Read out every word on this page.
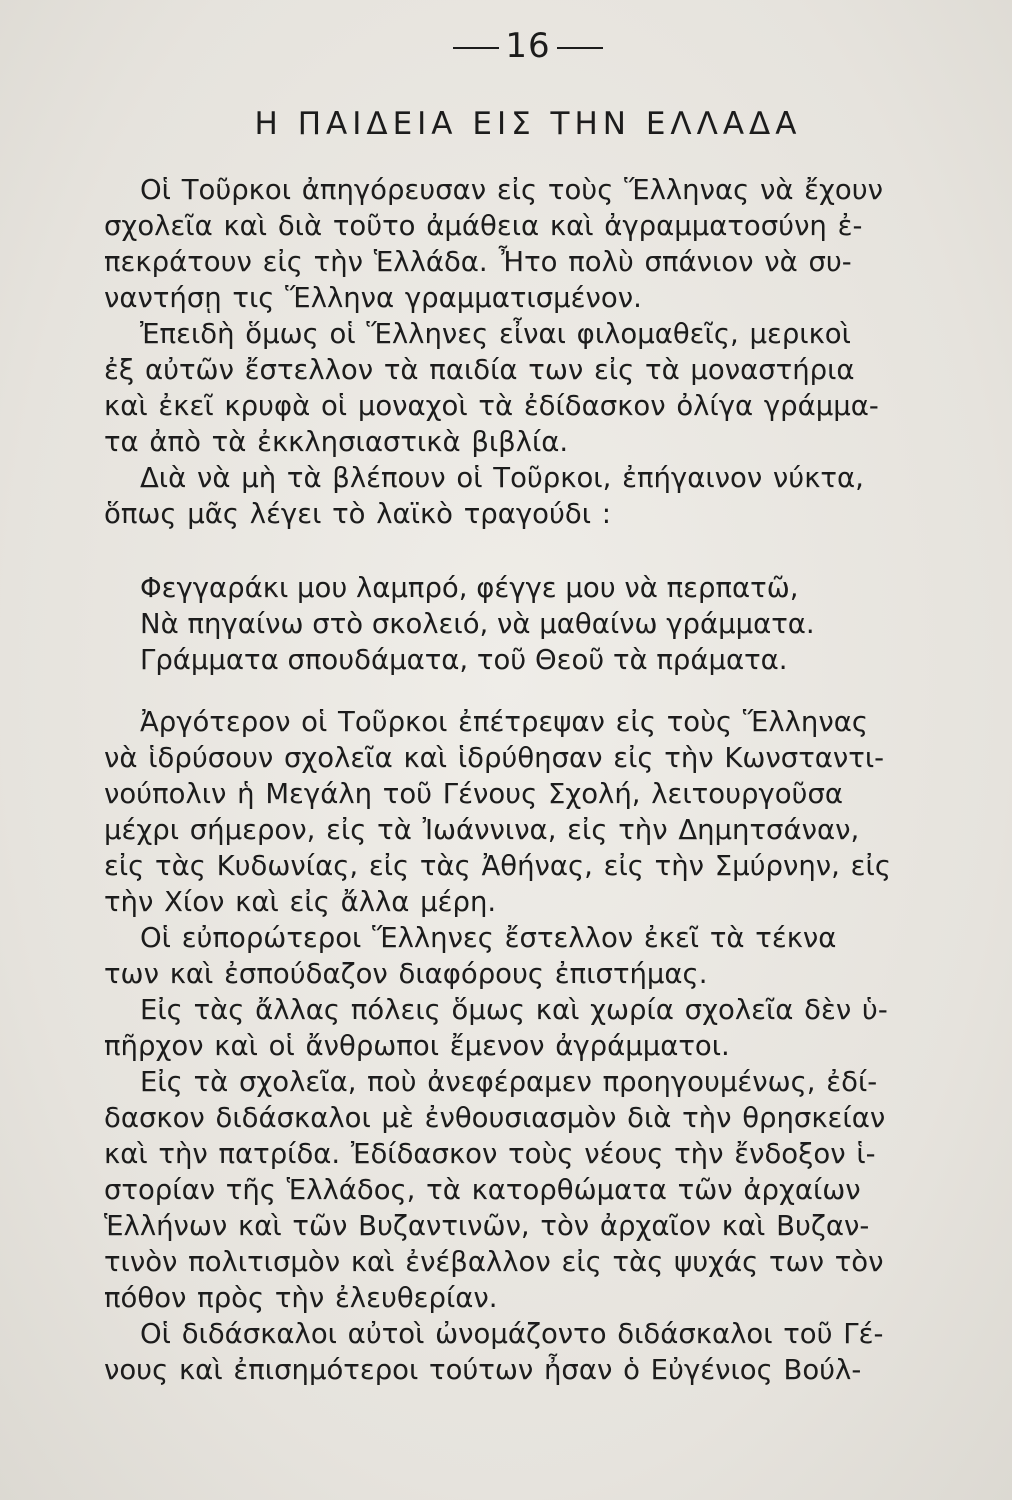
16
Η ΠΑΙΔΕΙΑ ΕΙΣ ΤΗΝ ΕΛΛΑΔΑ
Οἱ Τοῦρκοι ἀπηγόρευσαν εἰς τοὺς Ἕλληνας νὰ ἔχουν
σχολεῖα καὶ διὰ τοῦτο ἀμάθεια καὶ ἀγραμματοσύνη ἐ-
πεκράτουν εἰς τὴν Ἑλλάδα. Ἦτο πολὺ σπάνιον νὰ συ-
ναντήσῃ τις Ἕλληνα γραμματισμένον.
Ἐπειδὴ ὅμως οἱ Ἕλληνες εἶναι φιλομαθεῖς, μερικοὶ
ἐξ αὐτῶν ἔστελλον τὰ παιδία των εἰς τὰ μοναστήρια
καὶ ἐκεῖ κρυφὰ οἱ μοναχοὶ τὰ ἐδίδασκον ὀλίγα γράμμα-
τα ἀπὸ τὰ ἐκκλησιαστικὰ βιβλία.
Διὰ νὰ μὴ τὰ βλέπουν οἱ Τοῦρκοι, ἐπήγαινον νύκτα,
ὅπως μᾶς λέγει τὸ λαϊκὸ τραγούδι :
Φεγγαράκι μου λαμπρό, φέγγε μου νὰ περπατῶ,
Νὰ πηγαίνω στὸ σκολειό, νὰ μαθαίνω γράμματα.
Γράμματα σπουδάματα, τοῦ Θεοῦ τὰ πράματα.
Ἀργότερον οἱ Τοῦρκοι ἐπέτρεψαν εἰς τοὺς Ἕλληνας
νὰ ἱδρύσουν σχολεῖα καὶ ἱδρύθησαν εἰς τὴν Κωνσταντι-
νούπολιν ἡ Μεγάλη τοῦ Γένους Σχολή, λειτουργοῦσα
μέχρι σήμερον, εἰς τὰ Ἰωάννινα, εἰς τὴν Δημητσάναν,
εἰς τὰς Κυδωνίας, εἰς τὰς Ἀθήνας, εἰς τὴν Σμύρνην, εἰς
τὴν Χίον καὶ εἰς ἄλλα μέρη.
Οἱ εὐπορώτεροι Ἕλληνες ἔστελλον ἐκεῖ τὰ τέκνα
των καὶ ἐσπούδαζον διαφόρους ἐπιστήμας.
Εἰς τὰς ἄλλας πόλεις ὅμως καὶ χωρία σχολεῖα δὲν ὑ-
πῆρχον καὶ οἱ ἄνθρωποι ἔμενον ἀγράμματοι.
Εἰς τὰ σχολεῖα, ποὺ ἀνεφέραμεν προηγουμένως, ἐδί-
δασκον διδάσκαλοι μὲ ἐνθουσιασμὸν διὰ τὴν θρησκείαν
καὶ τὴν πατρίδα. Ἐδίδασκον τοὺς νέους τὴν ἔνδοξον ἱ-
στορίαν τῆς Ἑλλάδος, τὰ κατορθώματα τῶν ἀρχαίων
Ἑλλήνων καὶ τῶν Βυζαντινῶν, τὸν ἀρχαῖον καὶ Βυζαν-
τινὸν πολιτισμὸν καὶ ἐνέβαλλον εἰς τὰς ψυχάς των τὸν
πόθον πρὸς τὴν ἐλευθερίαν.
Οἱ διδάσκαλοι αὐτοὶ ὠνομάζοντο διδάσκαλοι τοῦ Γέ-
νους καὶ ἐπισημότεροι τούτων ἦσαν ὁ Εὐγένιος Βούλ-
